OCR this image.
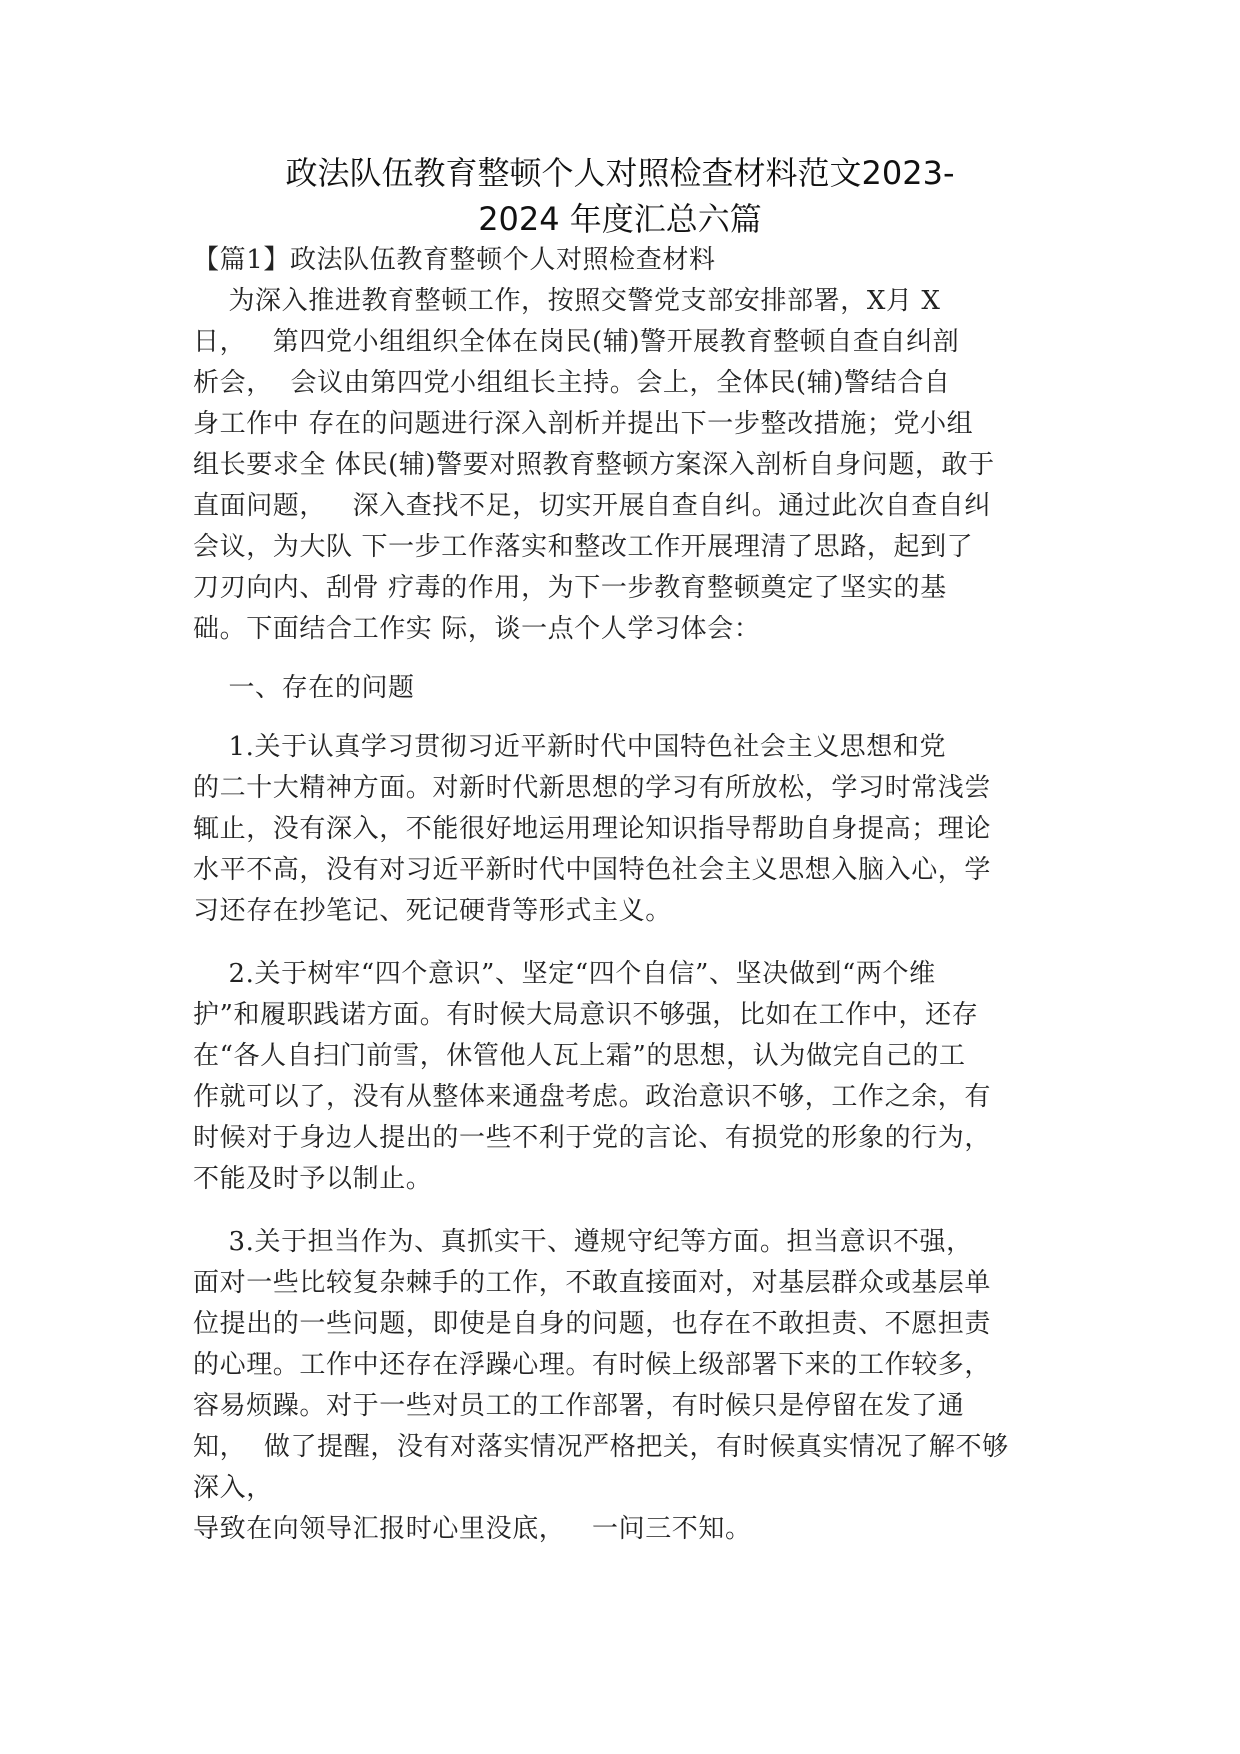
政法队伍教育整顿个人对照检查材料范文2023-
2024 年度汇总六篇
【篇1】政法队伍教育整顿个人对照检查材料
为深入推进教育整顿工作，按照交警党支部安排部署，X月 X
日，   第四党小组组织全体在岗民(辅)警开展教育整顿自查自纠剖
析会，  会议由第四党小组组长主持。会上，全体民(辅)警结合自
身工作中 存在的问题进行深入剖析并提出下一步整改措施；党小组
组长要求全 体民(辅)警要对照教育整顿方案深入剖析自身问题，敢于
直面问题，   深入查找不足，切实开展自查自纠。通过此次自查自纠
会议，为大队 下一步工作落实和整改工作开展理清了思路，起到了
刀刃向内、刮骨 疗毒的作用，为下一步教育整顿奠定了坚实的基
础。下面结合工作实 际，谈一点个人学习体会：
一、存在的问题
1.关于认真学习贯彻习近平新时代中国特色社会主义思想和党
的二十大精神方面。对新时代新思想的学习有所放松，学习时常浅尝
辄止，没有深入，不能很好地运用理论知识指导帮助自身提高；理论
水平不高，没有对习近平新时代中国特色社会主义思想入脑入心，学
习还存在抄笔记、死记硬背等形式主义。
2.关于树牢“四个意识”、坚定“四个自信”、坚决做到“两个维
护”和履职践诺方面。有时候大局意识不够强，比如在工作中，还存
在“各人自扫门前雪，休管他人瓦上霜”的思想，认为做完自己的工
作就可以了，没有从整体来通盘考虑。政治意识不够，工作之余，有
时候对于身边人提出的一些不利于党的言论、有损党的形象的行为，
不能及时予以制止。
3.关于担当作为、真抓实干、遵规守纪等方面。担当意识不强，
面对一些比较复杂棘手的工作，不敢直接面对，对基层群众或基层单
位提出的一些问题，即使是自身的问题，也存在不敢担责、不愿担责
的心理。工作中还存在浮躁心理。有时候上级部署下来的工作较多，
容易烦躁。对于一些对员工的工作部署，有时候只是停留在发了通
知，  做了提醒，没有对落实情况严格把关，有时候真实情况了解不够
深入，
导致在向领导汇报时心里没底，   一问三不知。
